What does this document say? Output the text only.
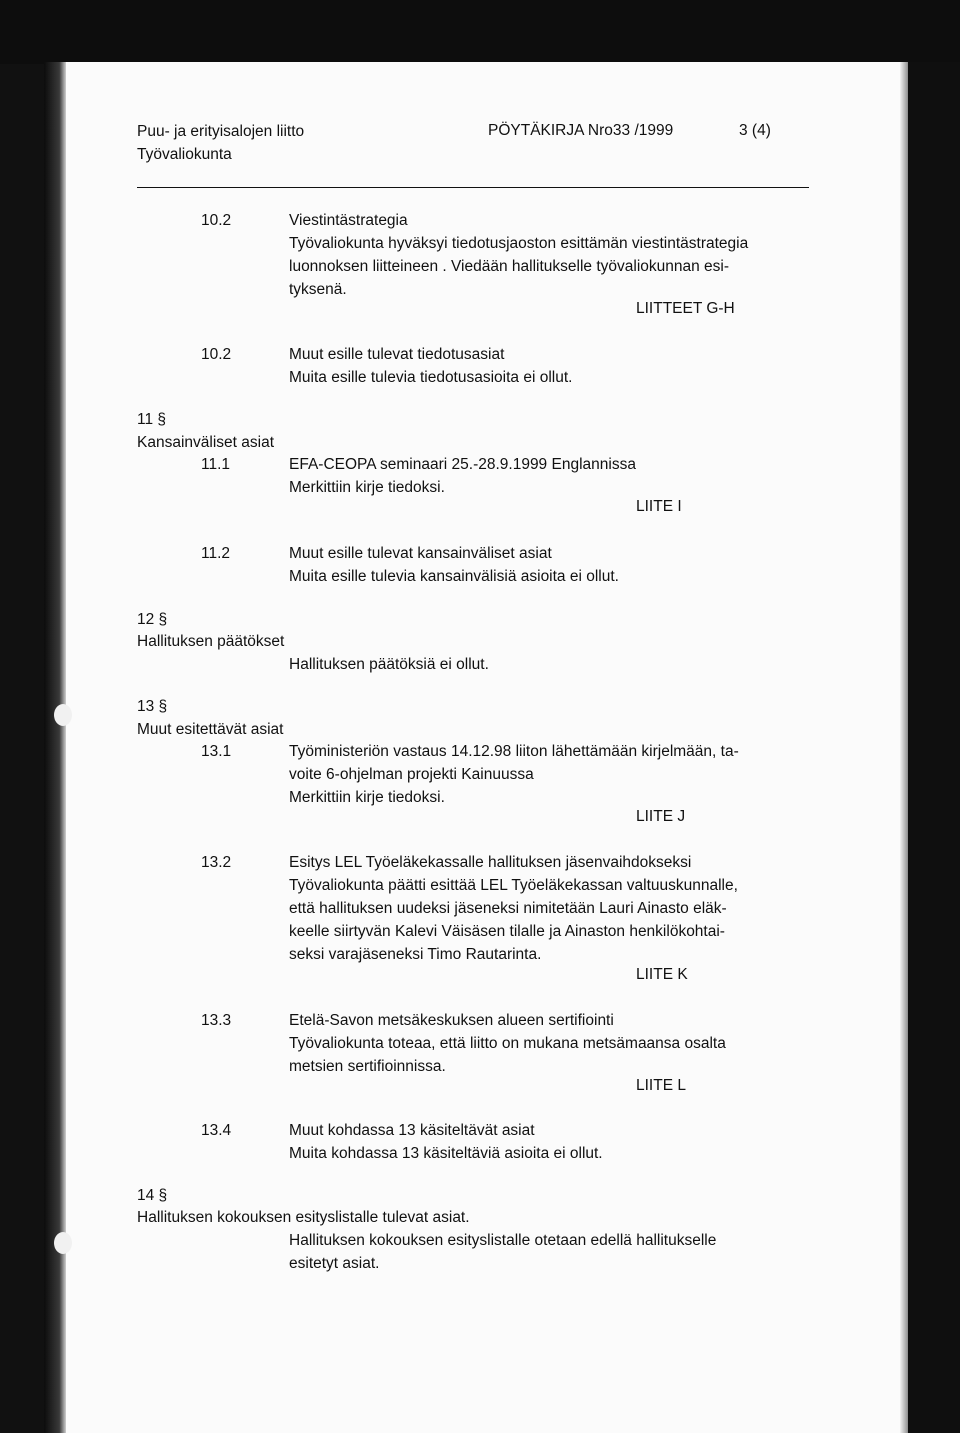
Puu- ja erityisalojen liitto
Työvaliokunta
PÖYTÄKIRJA Nro33 /1999	3 (4)
10.2	Viestintästrategia
Työvaliokunta hyväksyi tiedotusjaoston esittämän viestintästrategia
luonnoksen liitteineen . Viedään hallitukselle työvaliokunnan esi-
tyksenä.
LIITTEET G-H
10.2	Muut esille tulevat tiedotusasiat
Muita esille tulevia tiedotusasioita ei ollut.
11 §
Kansainväliset asiat
11.1	EFA-CEOPA seminaari 25.-28.9.1999 Englannissa
Merkittiin kirje tiedoksi.
LIITE I
11.2	Muut esille tulevat kansainväliset asiat
Muita esille tulevia kansainvälisiä asioita ei ollut.
12 §
Hallituksen päätökset
Hallituksen päätöksiä ei ollut.
13 §
Muut esitettävät asiat
13.1	Työministeriön vastaus 14.12.98 liiton lähettämään kirjelmään, ta-
voite 6-ohjelman projekti Kainuussa
Merkittiin kirje tiedoksi.
LIITE J
13.2	Esitys LEL Työeläkekassalle hallituksen jäsenvaihdokseksi
Työvaliokunta päätti esittää LEL Työeläkekassan valtuuskunnalle,
että hallituksen uudeksi jäseneksi nimitetään Lauri Ainasto eläk-
keelle siirtyvän Kalevi Väisäsen tilalle ja Ainaston henkilökohtai-
seksi varajäseneksi Timo Rautarinta.
LIITE K
13.3	Etelä-Savon metsäkeskuksen alueen sertifiointi
Työvaliokunta toteaa, että liitto on mukana metsämaansa osalta
metsien sertifioinnissa.
LIITE L
13.4	Muut kohdassa 13 käsiteltävät asiat
Muita kohdassa 13 käsiteltäviä asioita ei ollut.
14 §
Hallituksen kokouksen esityslistalle tulevat asiat.
Hallituksen kokouksen esityslistalle otetaan edellä hallitukselle
esitetyt asiat.
